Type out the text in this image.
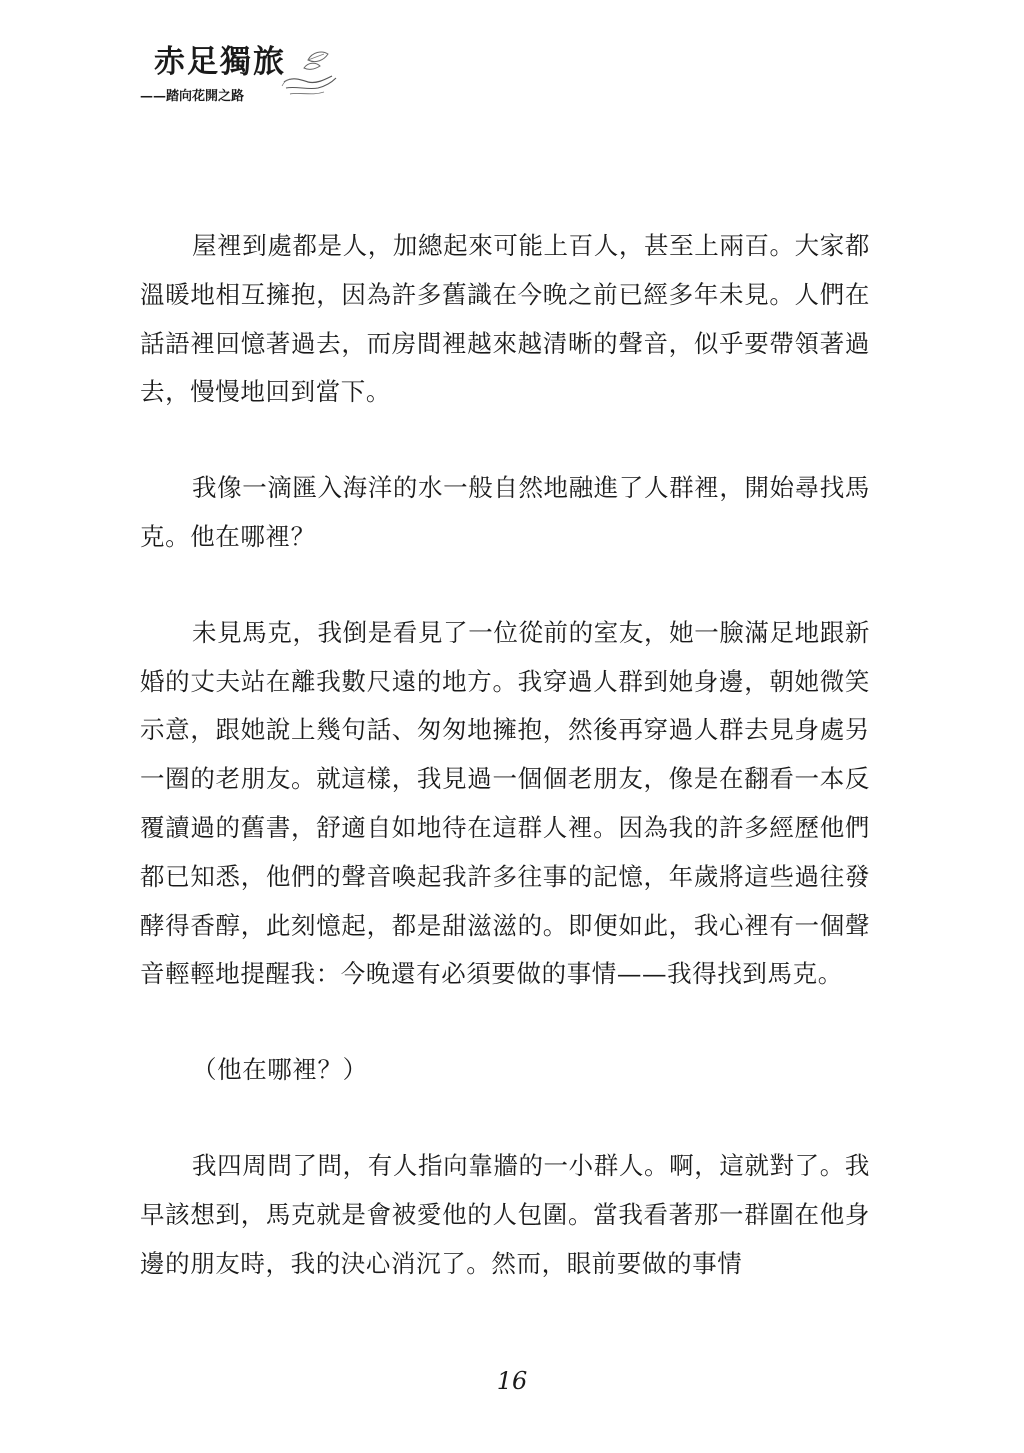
赤足獨旅
——踏向花開之路

屋裡到處都是人，加總起來可能上百人，甚至上兩百。大家都溫暖地相互擁抱，因為許多舊識在今晚之前已經多年未見。人們在話語裡回憶著過去，而房間裡越來越清晰的聲音，似乎要帶領著過去，慢慢地回到當下。

我像一滴匯入海洋的水一般自然地融進了人群裡，開始尋找馬克。他在哪裡？

未見馬克，我倒是看見了一位從前的室友，她一臉滿足地跟新婚的丈夫站在離我數尺遠的地方。我穿過人群到她身邊，朝她微笑示意，跟她說上幾句話、匆匆地擁抱，然後再穿過人群去見身處另一圈的老朋友。就這樣，我見過一個個老朋友，像是在翻看一本反覆讀過的舊書，舒適自如地待在這群人裡。因為我的許多經歷他們都已知悉，他們的聲音喚起我許多往事的記憶，年歲將這些過往發酵得香醇，此刻憶起，都是甜滋滋的。即便如此，我心裡有一個聲音輕輕地提醒我：今晚還有必須要做的事情——我得找到馬克。

（他在哪裡？）

我四周問了問，有人指向靠牆的一小群人。啊，這就對了。我早該想到，馬克就是會被愛他的人包圍。當我看著那一群圍在他身邊的朋友時，我的決心消沉了。然而，眼前要做的事情

16
